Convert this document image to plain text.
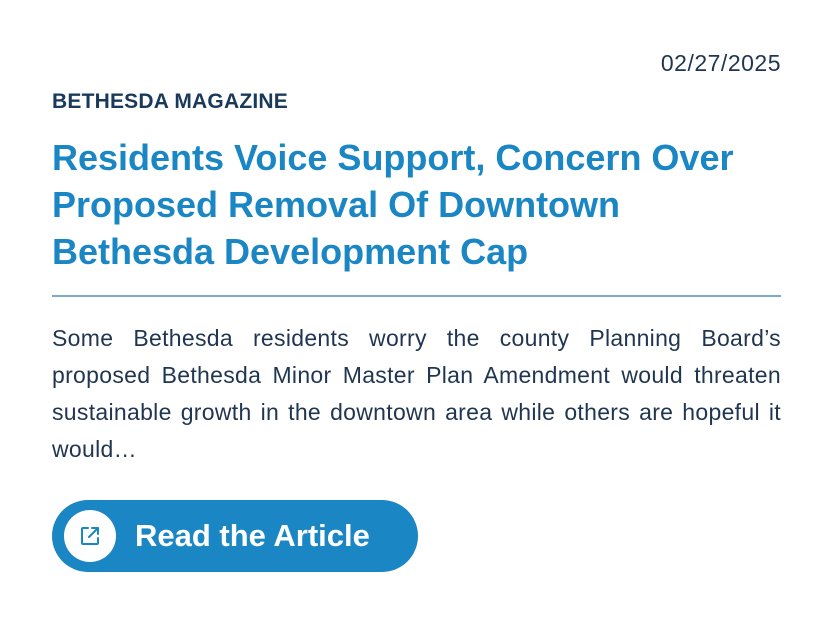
02/27/2025
BETHESDA MAGAZINE
Residents Voice Support, Concern Over Proposed Removal Of Downtown Bethesda Development Cap

Some Bethesda residents worry the county Planning Board’s proposed Bethesda Minor Master Plan Amendment would threaten sustainable growth in the downtown area while others are hopeful it would…

Read the Article
